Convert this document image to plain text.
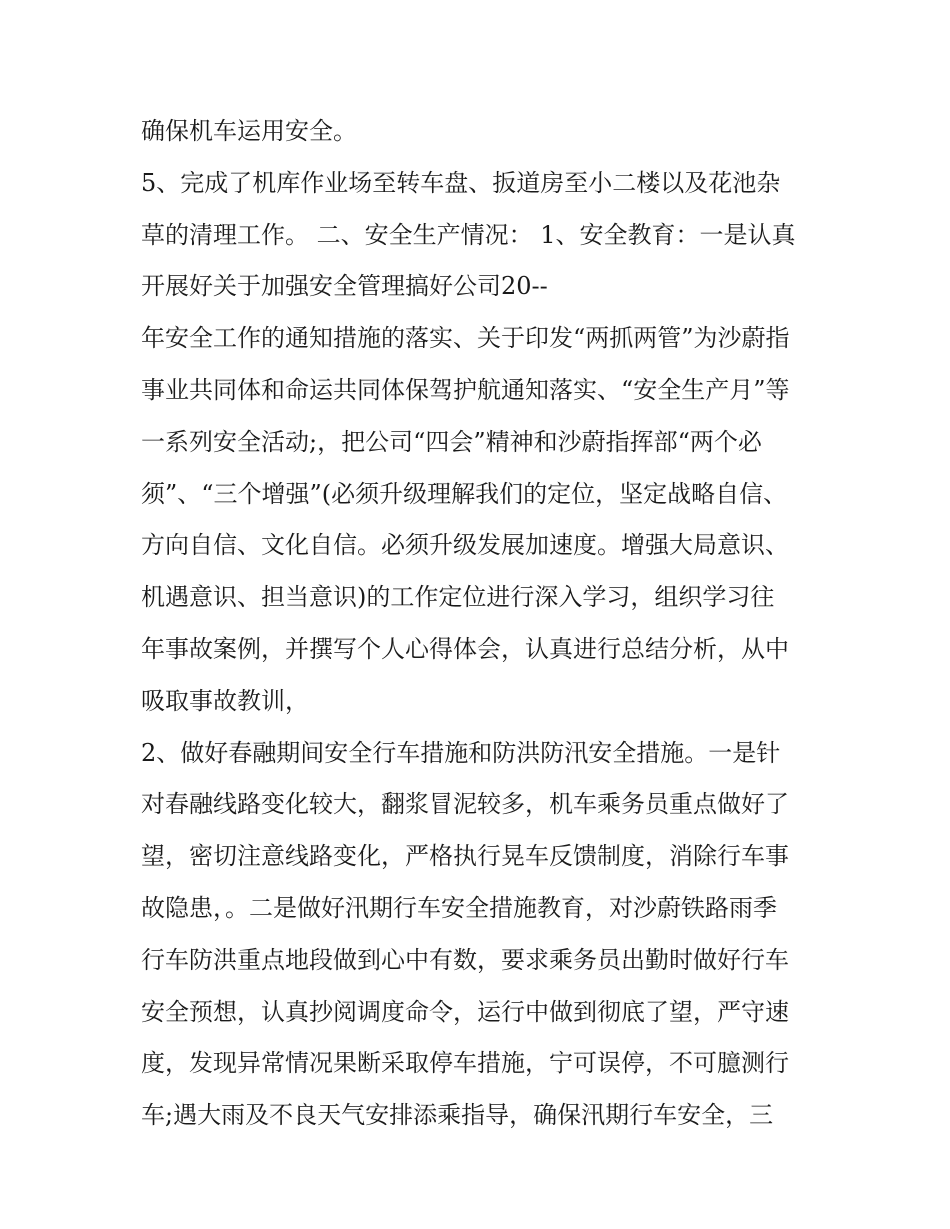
确保机车运用安全。
5、完成了机库作业场至转车盘、扳道房至小二楼以及花池杂
草的清理工作。 二、安全生产情况： 1、安全教育：一是认真
开展好关于加强安全管理搞好公司20--
年安全工作的通知措施的落实、关于印发“两抓两管”为沙蔚指
事业共同体和命运共同体保驾护航通知落实、“安全生产月”等
一系列安全活动;，把公司“四会”精神和沙蔚指挥部“两个必
须”、“三个增强”(必须升级理解我们的定位，坚定战略自信、
方向自信、文化自信。必须升级发展加速度。增强大局意识、
机遇意识、担当意识)的工作定位进行深入学习，组织学习往
年事故案例，并撰写个人心得体会，认真进行总结分析，从中
吸取事故教训，
2、做好春融期间安全行车措施和防洪防汛安全措施。一是针
对春融线路变化较大，翻浆冒泥较多，机车乘务员重点做好了
望，密切注意线路变化，严格执行晃车反馈制度，消除行车事
故隐患，。二是做好汛期行车安全措施教育，对沙蔚铁路雨季
行车防洪重点地段做到心中有数，要求乘务员出勤时做好行车
安全预想，认真抄阅调度命令，运行中做到彻底了望，严守速
度，发现异常情况果断采取停车措施，宁可误停，不可臆测行
车;遇大雨及不良天气安排添乘指导，确保汛期行车安全，三
